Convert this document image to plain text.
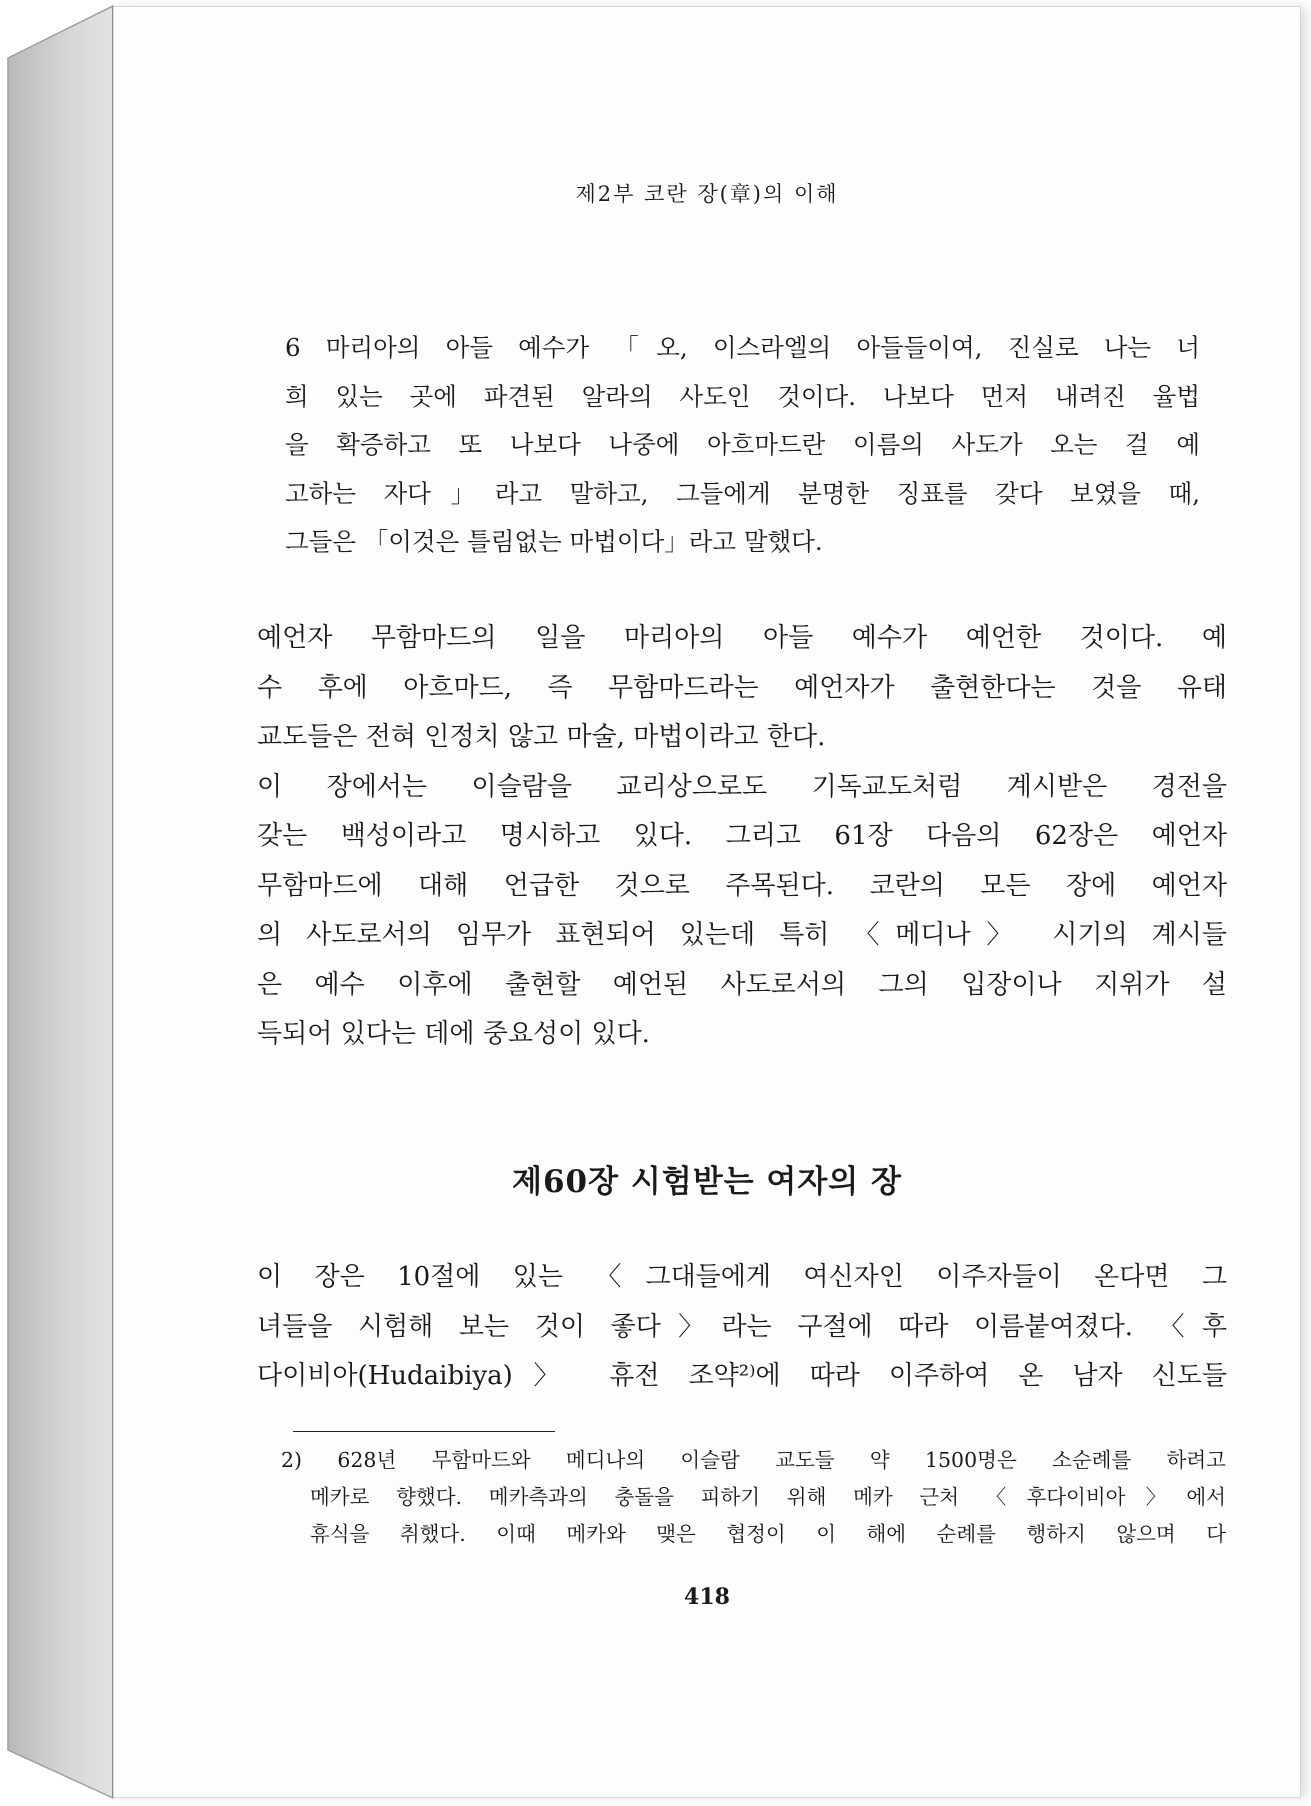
제2부 코란 장(章)의 이해
6 마리아의 아들 예수가 「오, 이스라엘의 아들들이여, 진실로 나는 너
희 있는 곳에 파견된 알라의 사도인 것이다. 나보다 먼저 내려진 율법
을 확증하고 또 나보다 나중에 아흐마드란 이름의 사도가 오는 걸 예
고하는 자다」라고 말하고, 그들에게 분명한 징표를 갖다 보였을 때,
그들은 「이것은 틀림없는 마법이다」라고 말했다.
예언자 무함마드의 일을 마리아의 아들 예수가 예언한 것이다. 예
수 후에 아흐마드, 즉 무함마드라는 예언자가 출현한다는 것을 유태
교도들은 전혀 인정치 않고 마술, 마법이라고 한다.
이 장에서는 이슬람을 교리상으로도 기독교도처럼 계시받은 경전을
갖는 백성이라고 명시하고 있다. 그리고 61장 다음의 62장은 예언자
무함마드에 대해 언급한 것으로 주목된다. 코란의 모든 장에 예언자
의 사도로서의 임무가 표현되어 있는데 특히 〈메디나〉 시기의 계시들
은 예수 이후에 출현할 예언된 사도로서의 그의 입장이나 지위가 설
득되어 있다는 데에 중요성이 있다.
제60장 시험받는 여자의 장
이 장은 10절에 있는 〈그대들에게 여신자인 이주자들이 온다면 그
녀들을 시험해 보는 것이 좋다〉라는 구절에 따라 이름붙여졌다. 〈후
다이비아(Hudaibiya)〉 휴전 조약²⁾에 따라 이주하여 온 남자 신도들
2) 628년 무함마드와 메디나의 이슬람 교도들 약 1500명은 소순례를 하려고
메카로 향했다. 메카측과의 충돌을 피하기 위해 메카 근처 〈후다이비아〉에서
휴식을 취했다. 이때 메카와 맺은 협정이 이 해에 순례를 행하지 않으며 다
418
